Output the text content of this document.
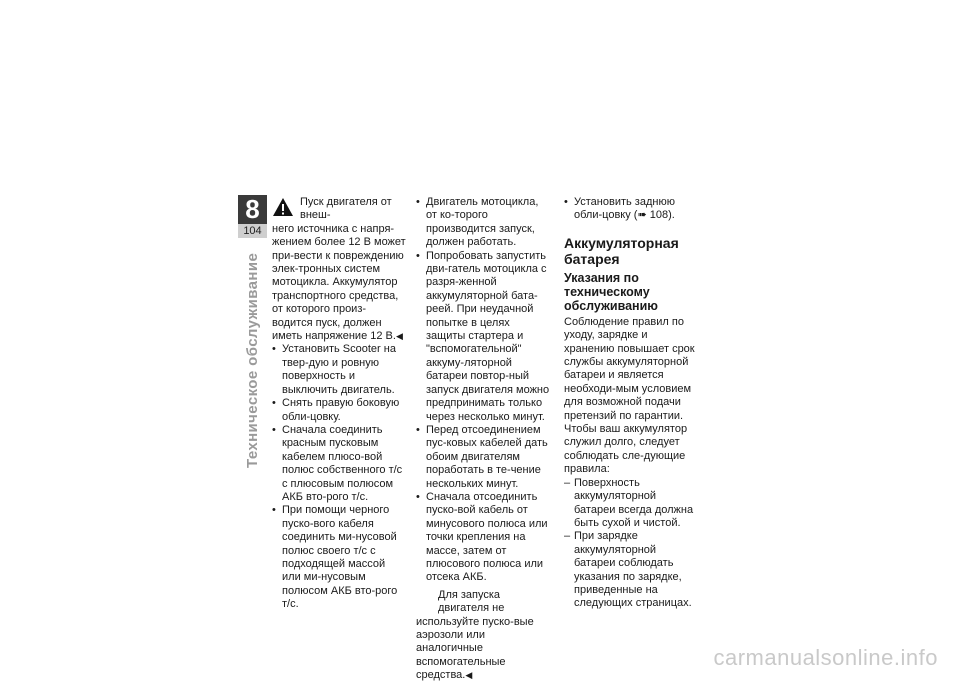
8
104
Техническое обслуживание

Пуск двигателя от внеш-

него источника с напря-

жением более 12 В может при-вести к повреждению элек-тронных систем мотоцикла. Аккумулятор транспортного средства, от которого произ-водится пуск, должен иметь напряжение 12 В.◀

• Установить Scooter на твер-дую и ровную поверхность и выключить двигатель.
• Снять правую боковую обли-цовку.
• Сначала соединить красным пусковым кабелем плюсо-вой полюс собственного т/с с плюсовым полюсом АКБ вто-рого т/с.
• При помощи черного пуско-вого кабеля соединить ми-нусовой полюс своего т/с с подходящей массой или ми-нусовым полюсом АКБ вто-рого т/с.
• Двигатель мотоцикла, от ко-торого производится запуск, должен работать.
• Попробовать запустить дви-гатель мотоцикла с разря-женной аккумуляторной бата-реей. При неудачной попытке в целях защиты стартера и "вспомогательной" аккуму-ляторной батареи повтор-ный запуск двигателя можно предпринимать только через несколько минут.
• Перед отсоединением пус-ковых кабелей дать обоим двигателям поработать в те-чение нескольких минут.
• Сначала отсоединить пуско-вой кабель от минусового полюса или точки крепления на массе, затем от плюсового полюса или отсека АКБ.

Для запуска двигателя не используйте пуско-вые аэрозоли или аналогичные вспомогательные средства.◀

• Установить заднюю обли-цовку (➠ 108).
Аккумуляторная батарея
Указания по техническому обслуживанию

Соблюдение правил по уходу, зарядке и хранению повышает срок службы аккумуляторной батареи и является необходи-мым условием для возможной подачи претензий по гарантии. Чтобы ваш аккумулятор служил долго, следует соблюдать сле-дующие правила:

– Поверхность аккумуляторной батареи всегда должна быть сухой и чистой.
– При зарядке аккумуляторной батареи соблюдать указания по зарядке, приведенные на следующих страницах.
carmanualsonline.info
